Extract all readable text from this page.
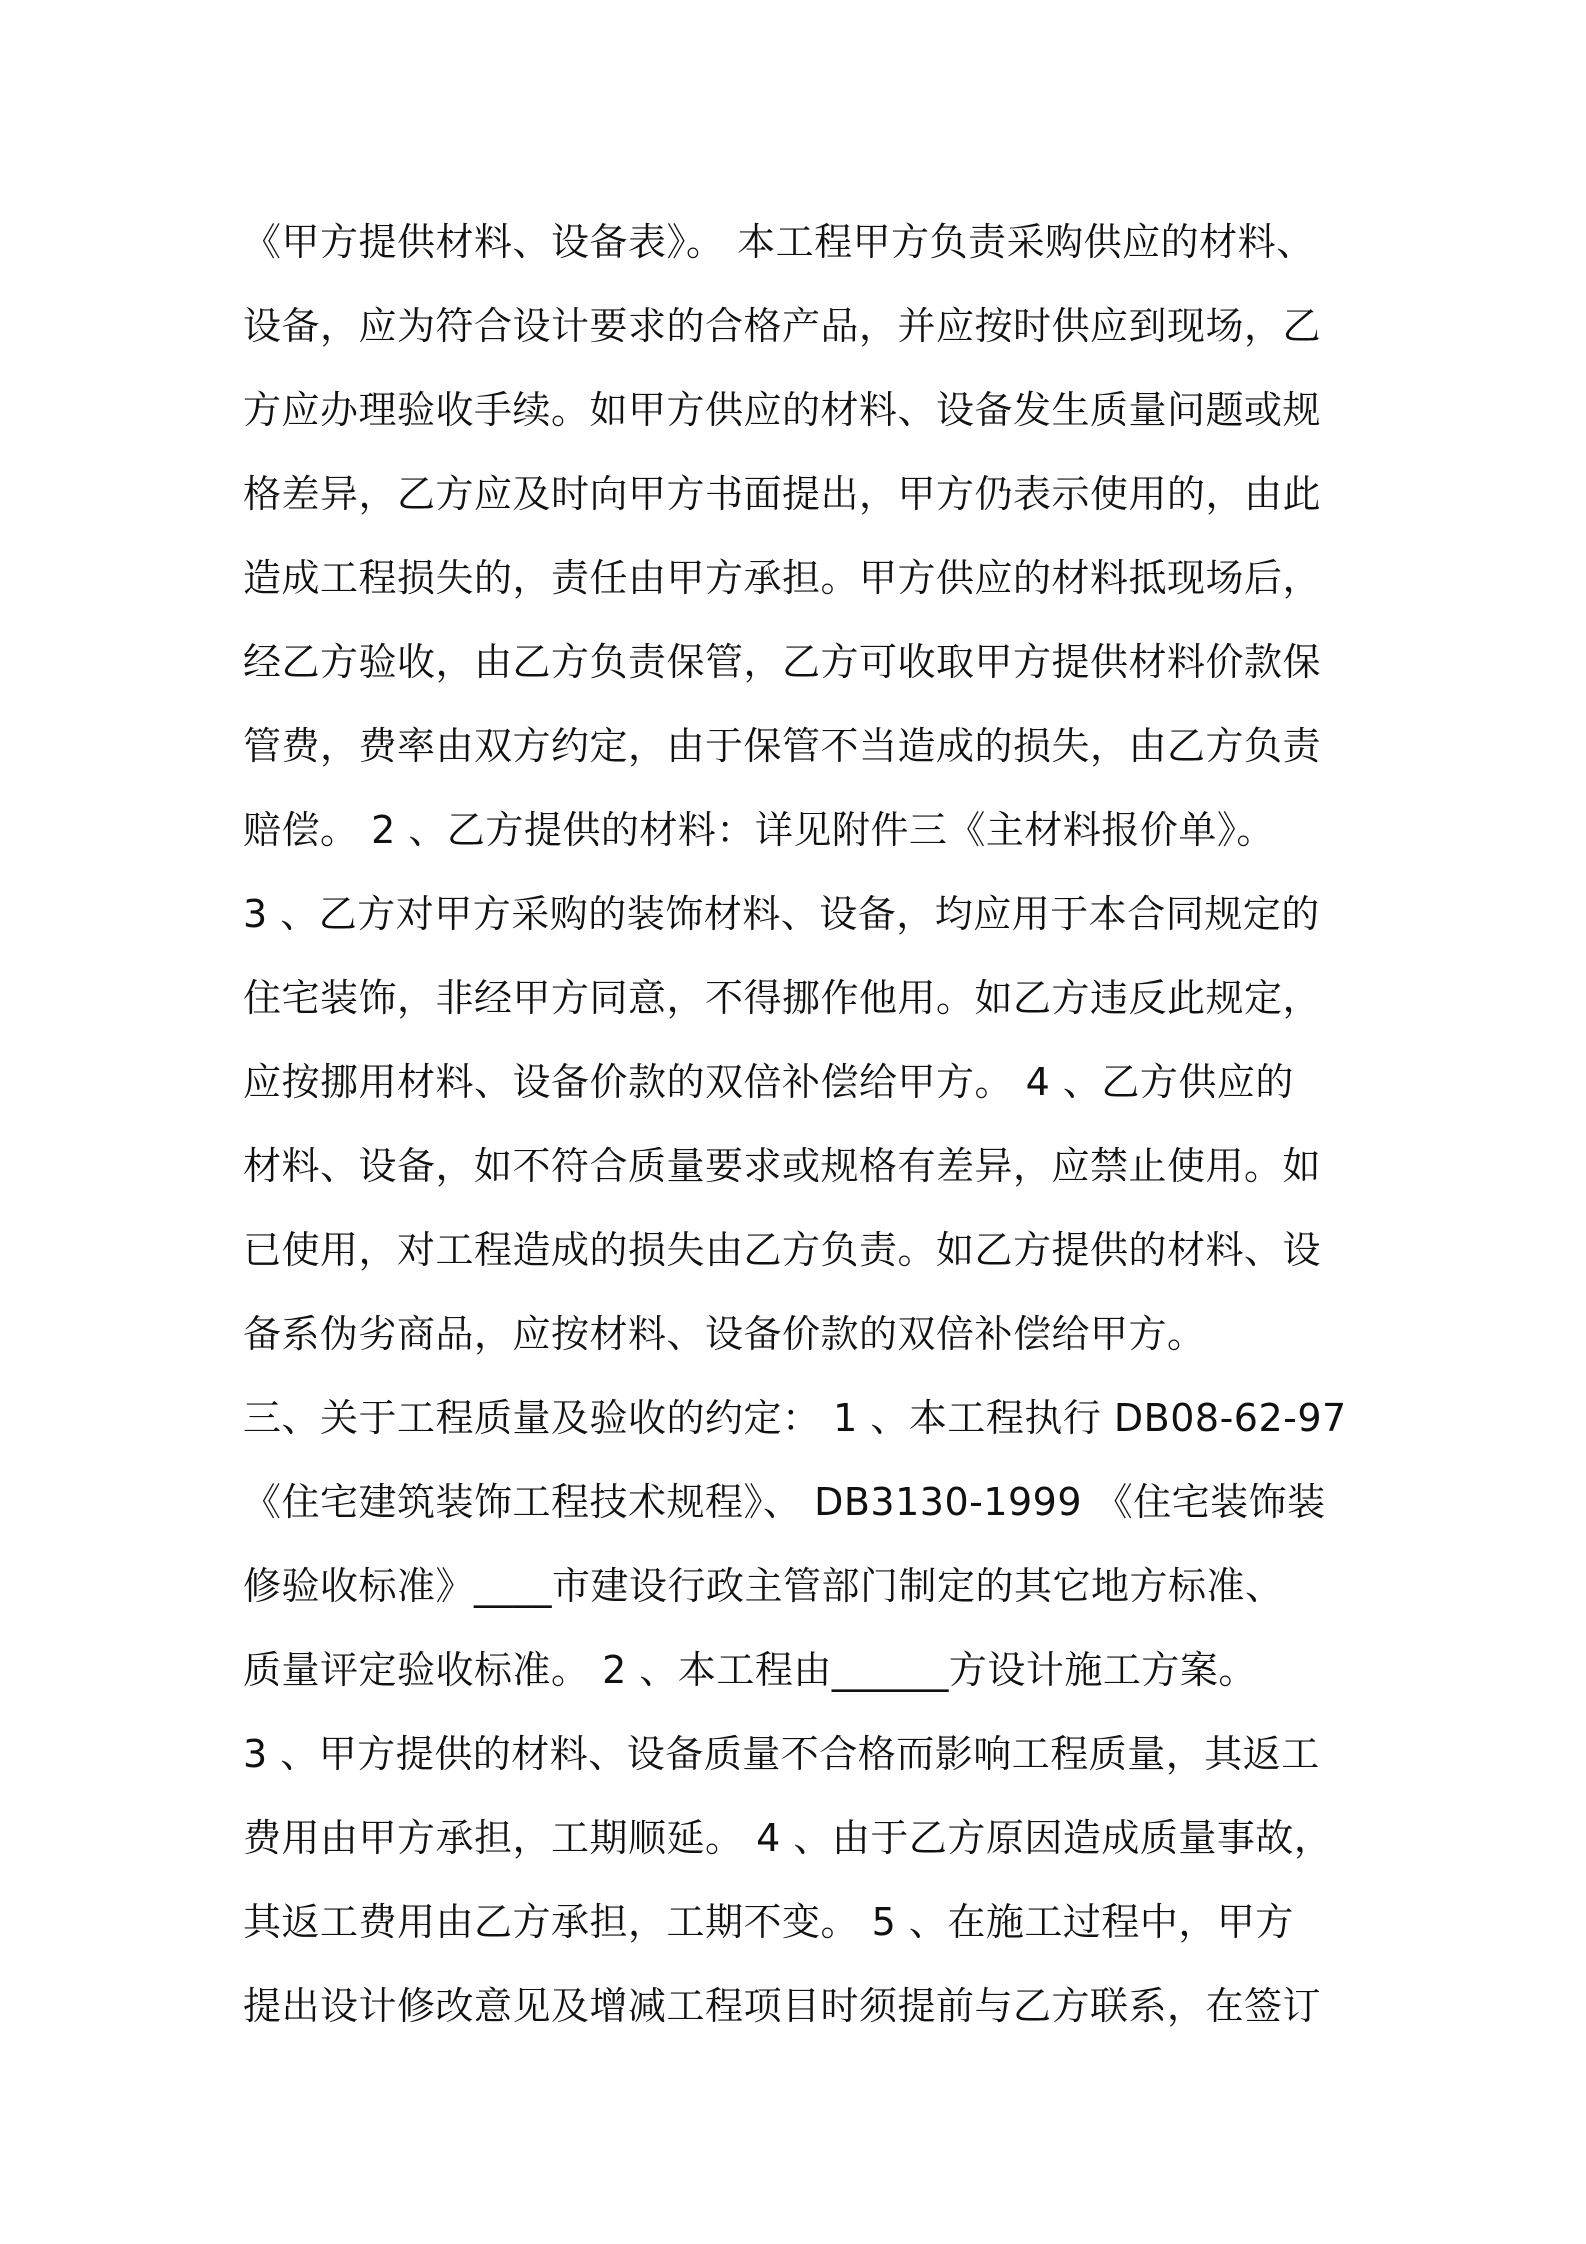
《甲方提供材料、设备表》。 本工程甲方负责采购供应的材料、
设备，应为符合设计要求的合格产品，并应按时供应到现场，乙
方应办理验收手续。如甲方供应的材料、设备发生质量问题或规
格差异，乙方应及时向甲方书面提出，甲方仍表示使用的，由此
造成工程损失的，责任由甲方承担。甲方供应的材料抵现场后，
经乙方验收，由乙方负责保管，乙方可收取甲方提供材料价款保
管费，费率由双方约定，由于保管不当造成的损失，由乙方负责
赔偿。 2 、乙方提供的材料：详见附件三《主材料报价单》。
3 、乙方对甲方采购的装饰材料、设备，均应用于本合同规定的
住宅装饰，非经甲方同意，不得挪作他用。如乙方违反此规定，
应按挪用材料、设备价款的双倍补偿给甲方。 4 、乙方供应的
材料、设备，如不符合质量要求或规格有差异，应禁止使用。如
已使用，对工程造成的损失由乙方负责。如乙方提供的材料、设
备系伪劣商品，应按材料、设备价款的双倍补偿给甲方。
三、关于工程质量及验收的约定： 1 、本工程执行 DB08-62-97
《住宅建筑装饰工程技术规程》、 DB3130-1999 《住宅装饰装
修验收标准》____市建设行政主管部门制定的其它地方标准、
质量评定验收标准。 2 、本工程由______方设计施工方案。
3 、甲方提供的材料、设备质量不合格而影响工程质量，其返工
费用由甲方承担，工期顺延。 4 、由于乙方原因造成质量事故，
其返工费用由乙方承担，工期不变。 5 、在施工过程中，甲方
提出设计修改意见及增减工程项目时须提前与乙方联系，在签订
